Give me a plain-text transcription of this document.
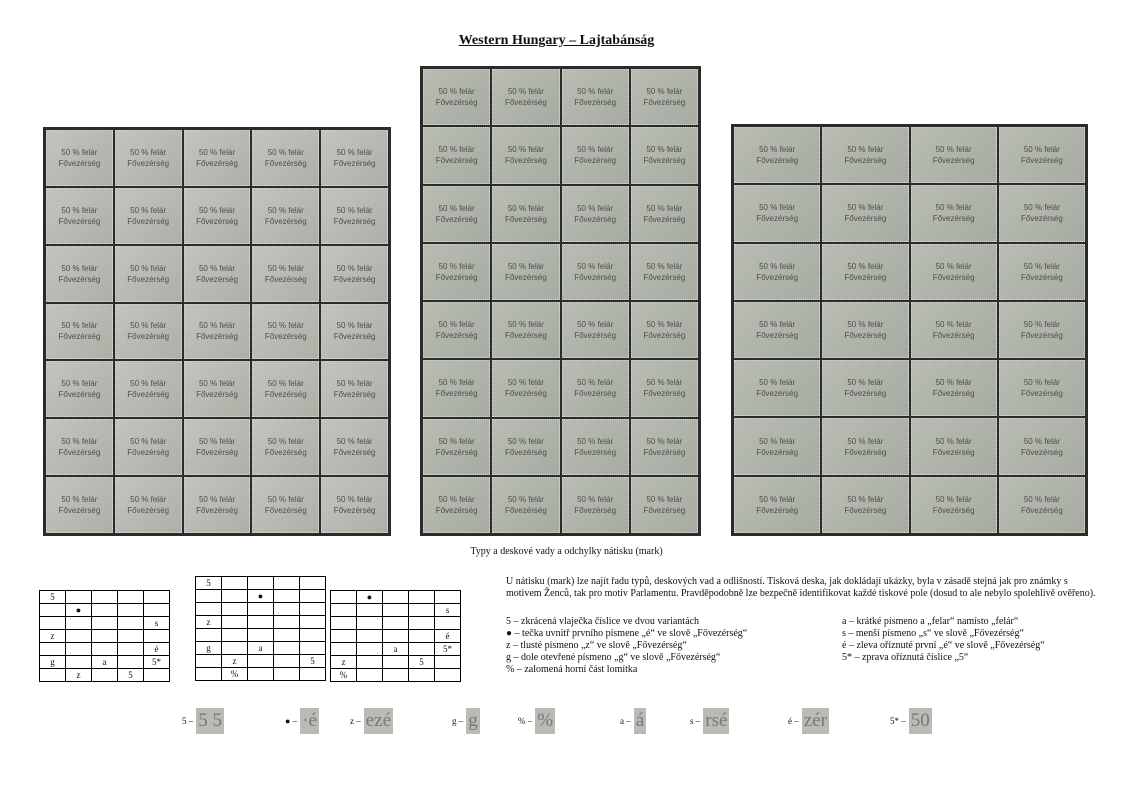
Western Hungary – Lajtabánság
50 % felár
Fővezérség
50 % felár
Fővezérség
50 % felár
Fővezérség
50 % felár
Fővezérség
50 % felár
Fővezérség
50 % felár
Fővezérség
50 % felár
Fővezérség
50 % felár
Fővezérség
50 % felár
Fővezérség
50 % felár
Fővezérség
50 % felár
Fővezérség
50 % felár
Fővezérség
50 % felár
Fővezérség
50 % felár
Fővezérség
50 % felár
Fővezérség
50 % felár
Fővezérség
50 % felár
Fővezérség
50 % felár
Fővezérség
50 % felár
Fővezérség
50 % felár
Fővezérség
50 % felár
Fővezérség
50 % felár
Fővezérség
50 % felár
Fővezérség
50 % felár
Fővezérség
50 % felár
Fővezérség
50 % felár
Fővezérség
50 % felár
Fővezérség
50 % felár
Fővezérség
50 % felár
Fővezérség
50 % felár
Fővezérség
50 % felár
Fővezérség
50 % felár
Fővezérség
50 % felár
Fővezérség
50 % felár
Fővezérség
50 % felár
Fővezérség
50 % felár
Fővezérség
50 % felár
Fővezérség
50 % felár
Fővezérség
50 % felár
Fővezérség
50 % felár
Fővezérség
50 % felár
Fővezérség
50 % felár
Fővezérség
50 % felár
Fővezérség
50 % felár
Fővezérség
50 % felár
Fővezérség
50 % felár
Fővezérség
50 % felár
Fővezérség
50 % felár
Fővezérség
50 % felár
Fővezérség
50 % felár
Fővezérség
50 % felár
Fővezérség
50 % felár
Fővezérség
50 % felár
Fővezérség
50 % felár
Fővezérség
50 % felár
Fővezérség
50 % felár
Fővezérség
50 % felár
Fővezérség
50 % felár
Fővezérség
50 % felár
Fővezérség
50 % felár
Fővezérség
50 % felár
Fővezérség
50 % felár
Fővezérség
50 % felár
Fővezérség
50 % felár
Fővezérség
50 % felár
Fővezérség
50 % felár
Fővezérség
50 % felár
Fővezérség
50 % felár
Fővezérség
50 % felár
Fővezérség
50 % felár
Fővezérség
50 % felár
Fővezérség
50 % felár
Fővezérség
50 % felár
Fővezérség
50 % felár
Fővezérség
50 % felár
Fővezérség
50 % felár
Fővezérség
50 % felár
Fővezérség
50 % felár
Fővezérség
50 % felár
Fővezérség
50 % felár
Fővezérség
50 % felár
Fővezérség
50 % felár
Fővezérség
50 % felár
Fővezérség
50 % felár
Fővezérség
50 % felár
Fővezérség
50 % felár
Fővezérség
50 % felár
Fővezérség
50 % felár
Fővezérség
50 % felár
Fővezérség
50 % felár
Fővezérség
50 % felár
Fővezérség
50 % felár
Fővezérség
50 % felár
Fővezérség
50 % felár
Fővezérség
50 % felár
Fővezérség
Typy a deskové vady a odchylky nátisku (mark)
5				
	●			
				s
z				
				é
g		a		5*
	z		5	
5				
		●		

z				

g		a		
	z			5
	%			
	●			
				s

				é
		a		5*
z			5	
%				
U nátisku (mark) lze najít řadu typů, deskových vad a odlišností. Tisková deska, jak dokládají ukázky, byla v zásadě stejná jak pro známky s motivem Ženců, tak pro motiv Parlamentu. Pravděpodobně lze bezpečně identifikovat každé tiskové pole (dosud to ale nebylo spolehlivě ověřeno).
5 – zkrácená vlaječka číslice ve dvou variantách
● – tečka uvnitř prvního písmene „é“ ve slově „Fővezérség“
z – tlusté písmeno „z“ ve slově „Fővezérség“
g – dole otevřené písmeno „g“ ve slově „Fővezérség“
% – zalomená horní část lomítka
a – krátké písmeno a „felar“ namísto „felár“
s – menší písmeno „s“ ve slově „Fővezérség“
é – zleva oříznuté první „é“ ve slově „Fővezérség“
5* – zprava oříznutá číslice „5“
5 – 5 5	● – ·é	z – ezé	g – g	% – %	a – á	s – rsé	é – zér	5* – 50
